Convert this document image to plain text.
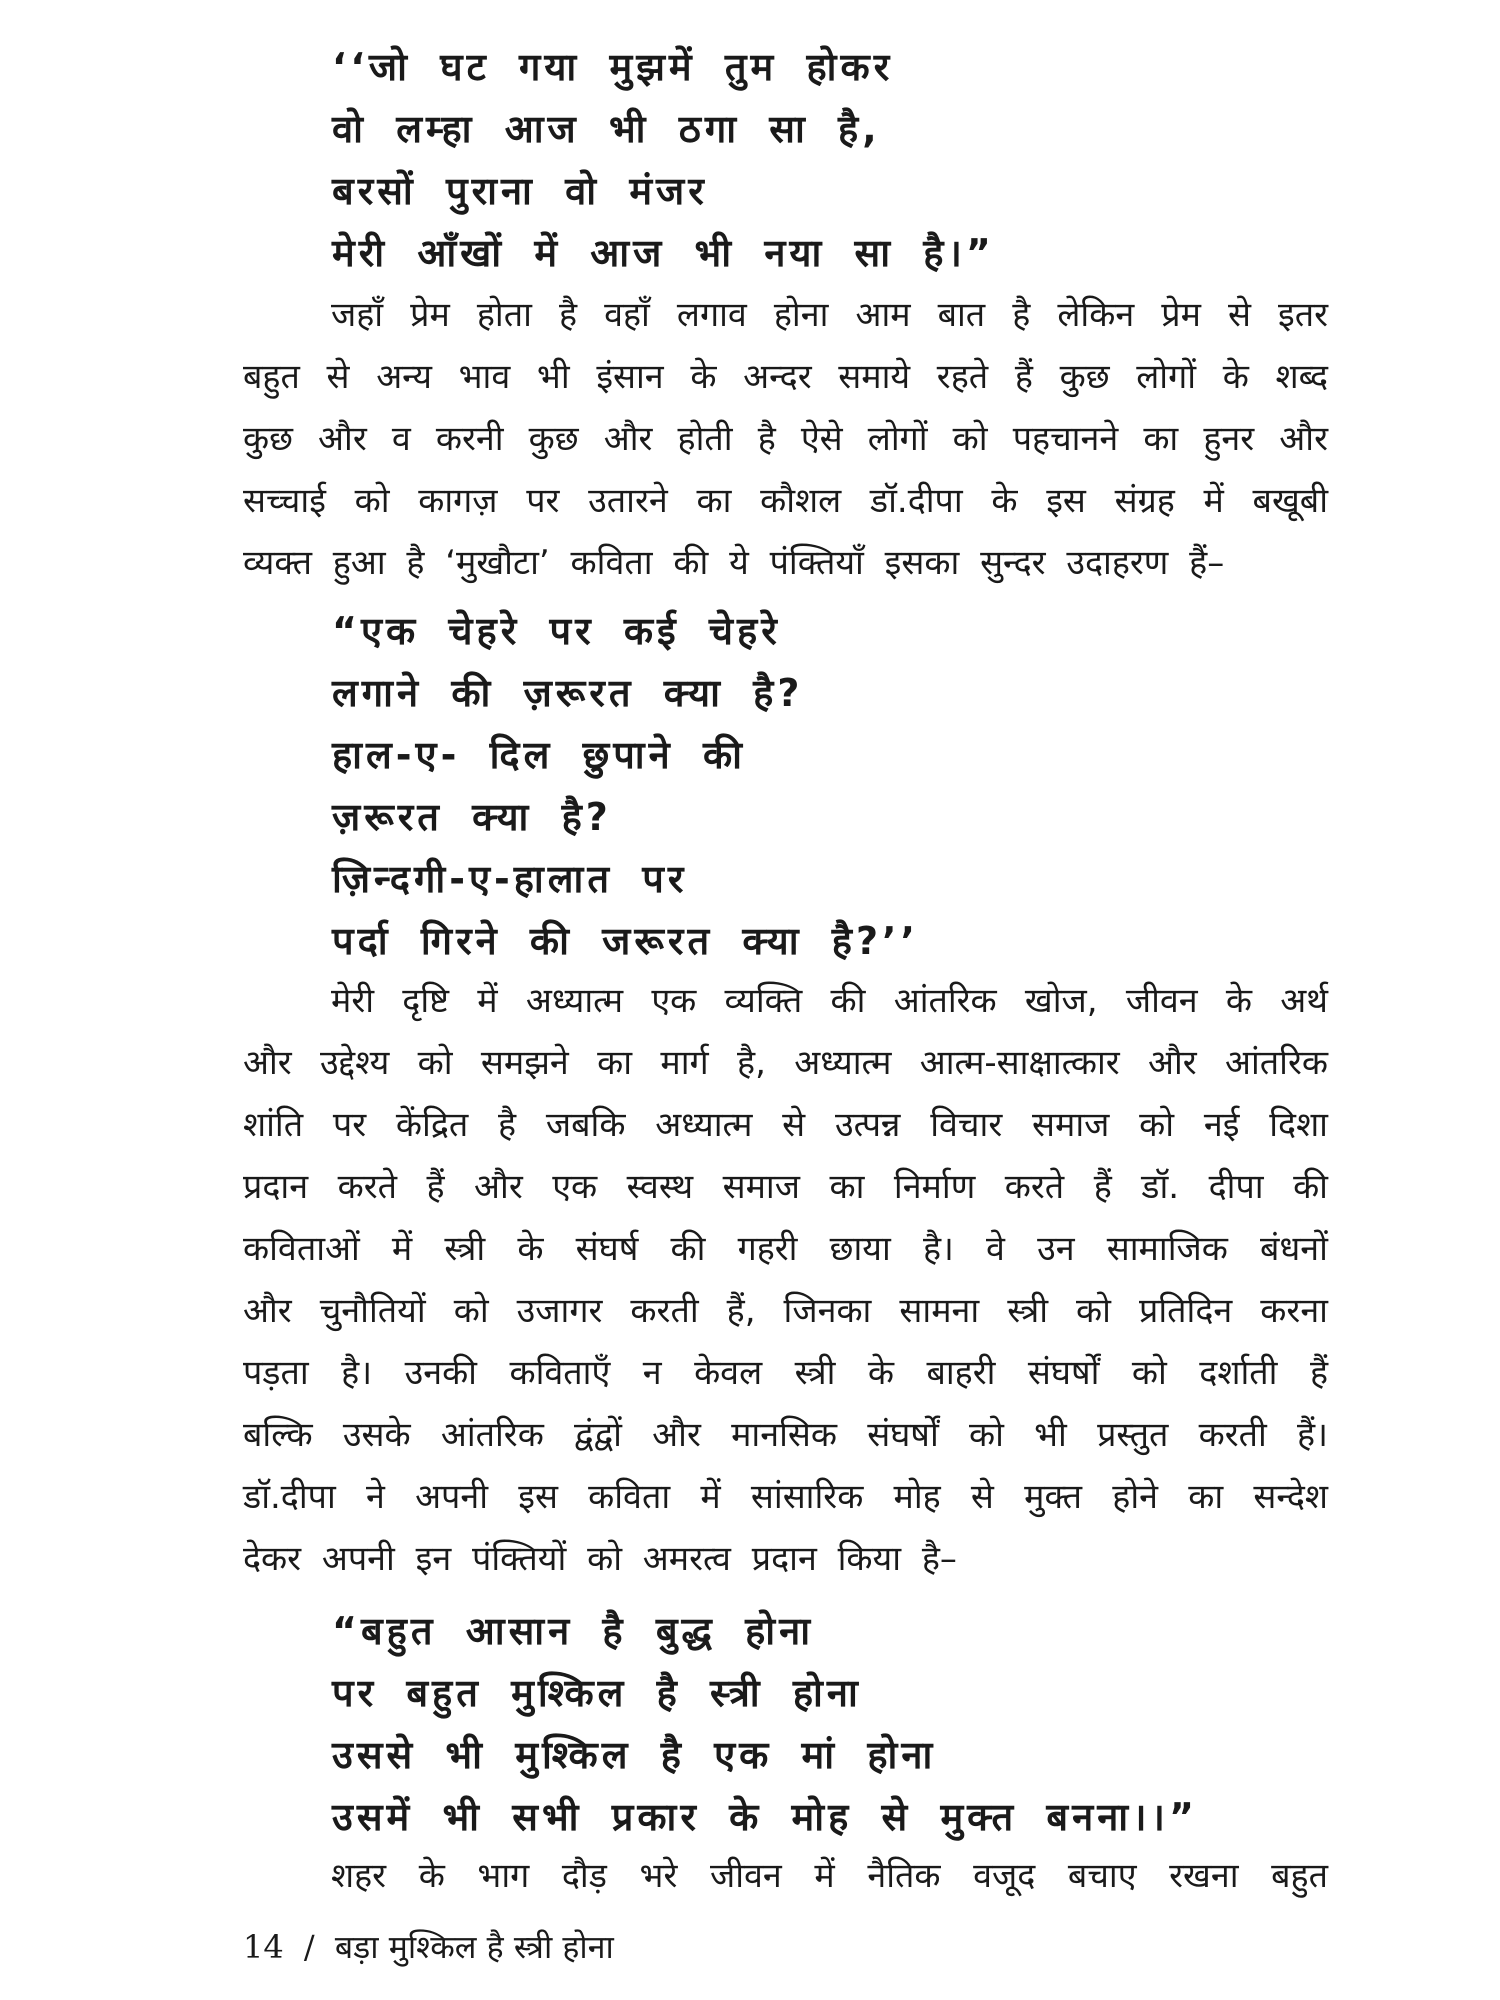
‘‘जो घट गया मुझमें तुम होकर
वो लम्हा आज भी ठगा सा है,
बरसों पुराना वो मंजर
मेरी आँखों में आज भी नया सा है।”
जहाँ प्रेम होता है वहाँ लगाव होना आम बात है लेकिन प्रेम से इतर
बहुत से अन्य भाव भी इंसान के अन्दर समाये रहते हैं कुछ लोगों के शब्द
कुछ और व करनी कुछ और होती है ऐसे लोगों को पहचानने का हुनर और
सच्चाई को कागज़ पर उतारने का कौशल डॉ.दीपा के इस संग्रह में बखूबी
व्यक्त हुआ है ‘मुखौटा’ कविता की ये पंक्तियाँ इसका सुन्दर उदाहरण हैं–
“एक चेहरे पर कई चेहरे
लगाने की ज़रूरत क्या है?
हाल-ए- दिल छुपाने की
ज़रूरत क्या है?
ज़िन्दगी-ए-हालात पर
पर्दा गिरने की जरूरत क्या है?’’
मेरी दृष्टि में अध्यात्म एक व्यक्ति की आंतरिक खोज, जीवन के अर्थ
और उद्देश्य को समझने का मार्ग है, अध्यात्म आत्म-साक्षात्कार और आंतरिक
शांति पर केंद्रित है जबकि अध्यात्म से उत्पन्न विचार समाज को नई दिशा
प्रदान करते हैं और एक स्वस्थ समाज का निर्माण करते हैं डॉ. दीपा की
कविताओं में स्त्री के संघर्ष की गहरी छाया है। वे उन सामाजिक बंधनों
और चुनौतियों को उजागर करती हैं, जिनका सामना स्त्री को प्रतिदिन करना
पड़ता है। उनकी कविताएँ न केवल स्त्री के बाहरी संघर्षों को दर्शाती हैं
बल्कि उसके आंतरिक द्वंद्वों और मानसिक संघर्षों को भी प्रस्तुत करती हैं।
डॉ.दीपा ने अपनी इस कविता में सांसारिक मोह से मुक्त होने का सन्देश
देकर अपनी इन पंक्तियों को अमरत्व प्रदान किया है–
“बहुत आसान है बुद्ध होना
पर बहुत मुश्किल है स्त्री होना
उससे भी मुश्किल है एक मां होना
उसमें भी सभी प्रकार के मोह से मुक्त बनना।।”
शहर के भाग दौड़ भरे जीवन में नैतिक वजूद बचाए रखना बहुत
14 / बड़ा मुश्किल है स्त्री होना
